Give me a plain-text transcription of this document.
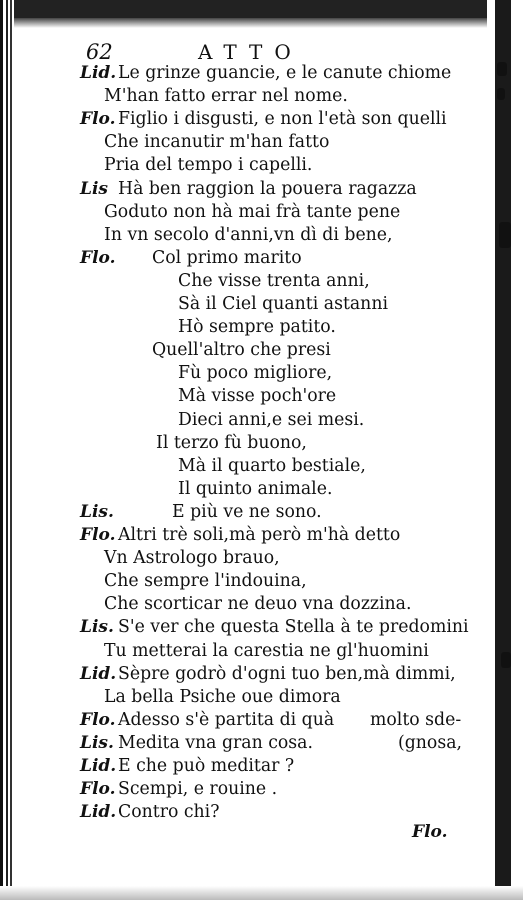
62	ATTO
Lid. Le grinze guancie, e le canute chiome
M'han fatto errar nel nome.
Flo. Figlio i disgusti, e non l'età son quelli
Che incanutir m'han fatto
Pria del tempo i capelli.
Lis Hà ben raggion la pouera ragazza
Goduto non hà mai frà tante pene
In vn secolo d'anni,vn dì di bene,
Flo. Col primo marito
Che visse trenta anni,
Sà il Ciel quanti astanni
Hò sempre patito.
Quell'altro che presi
Fù poco migliore,
Mà visse poch'ore
Dieci anni,e sei mesi.
Il terzo fù buono,
Mà il quarto bestiale,
Il quinto animale.
Lis.	E più ve ne sono.
Flo. Altri trè soli,mà però m'hà detto
Vn Astrologo brauo,
Che sempre l'indouina,
Che scorticar ne deuo vna dozzina.
Lis. S'e ver che questa Stella à te predomini
Tu metterai la carestia ne gl'huomini
Lid. Sèpre godrò d'ogni tuo ben,mà dimmi,
La bella Psiche oue dimora
Flo. Adesso s'è partita di quà molto sde-
Lis. Medita vna gran cosa.	(gnosa,
Lid. E che può meditar ?
Flo. Scempi, e rouine .
Lid. Contro chi?
Flo.
